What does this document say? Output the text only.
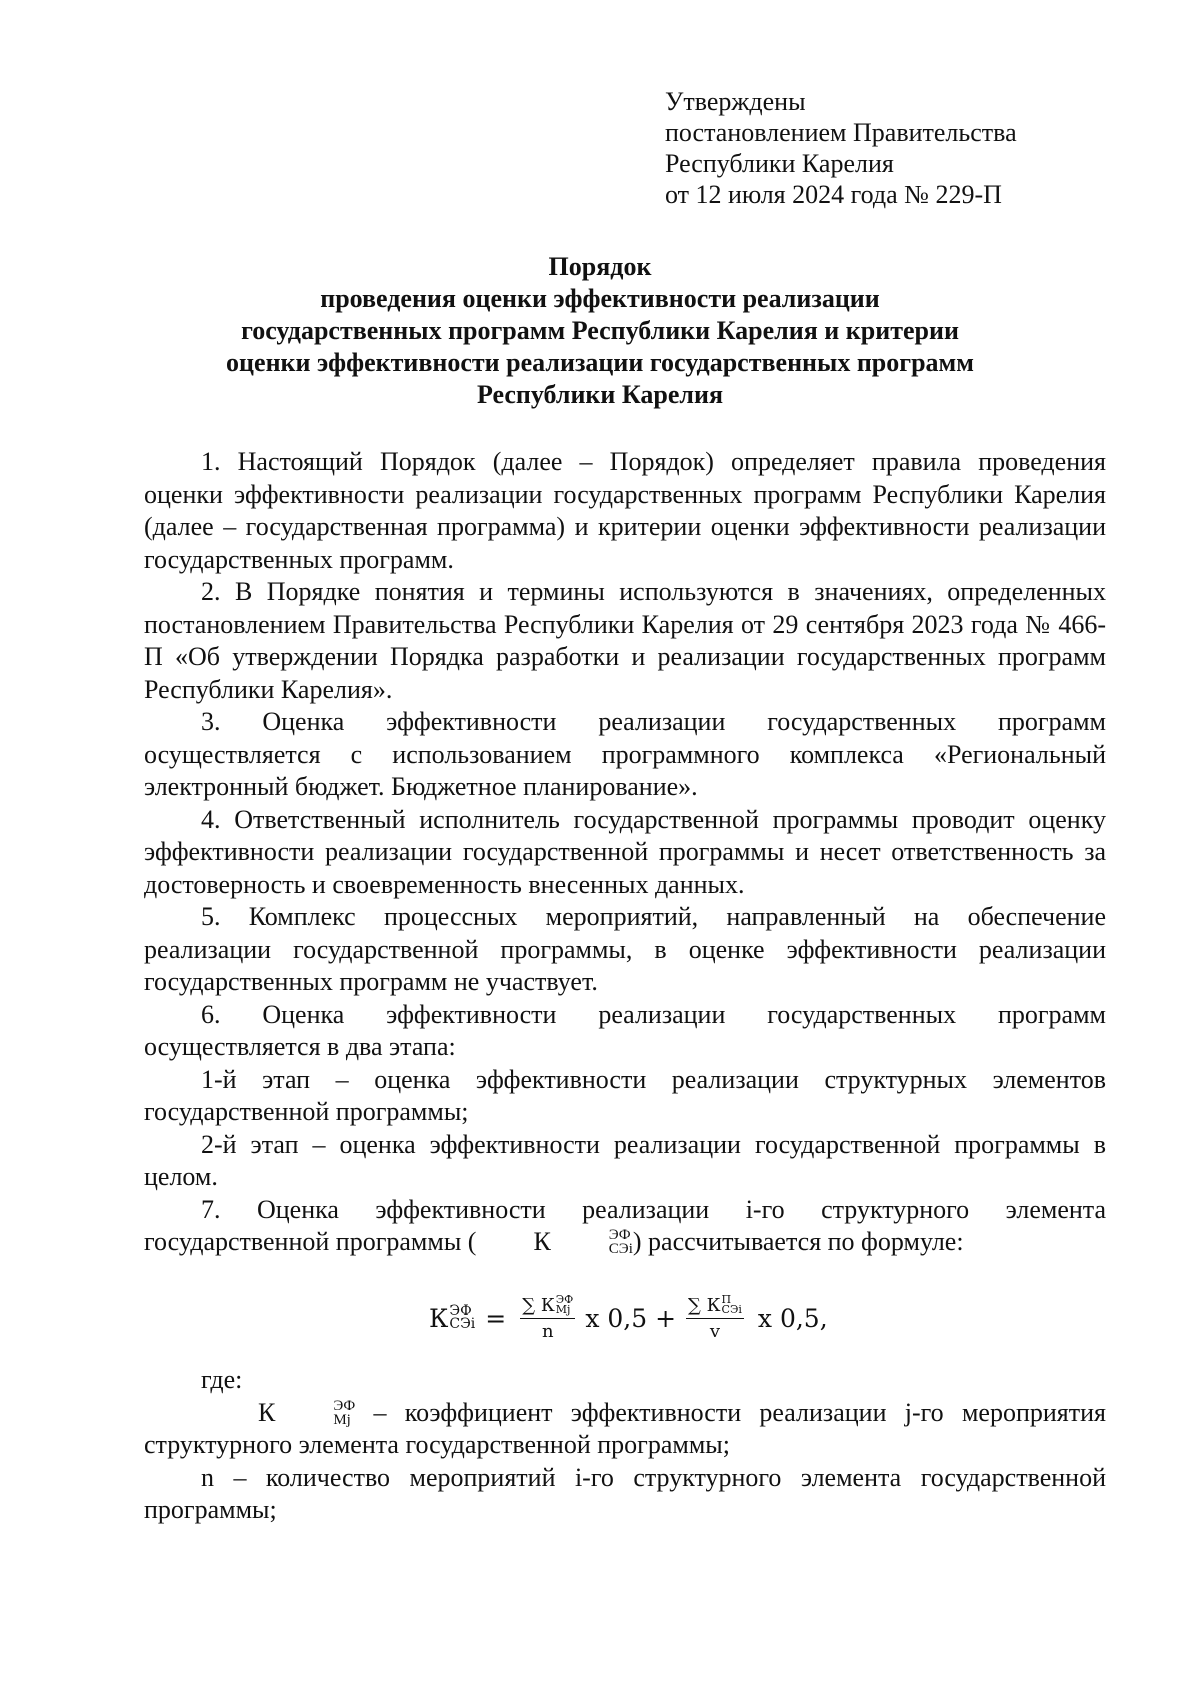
Утверждены
постановлением Правительства
Республики Карелия
от 12 июля 2024 года № 229-П
Порядок
проведения оценки эффективности реализации
государственных программ Республики Карелия и критерии
оценки эффективности реализации государственных программ
Республики Карелия

1. Настоящий Порядок (далее – Порядок) определяет правила проведения оценки эффективности реализации государственных программ Республики Карелия (далее – государственная программа) и критерии оценки эффективности реализации государственных программ.

2. В Порядке понятия и термины используются в значениях, определенных постановлением Правительства Республики Карелия от 29 сентября 2023 года № 466-П «Об утверждении Порядка разработки и реализации государственных программ Республики Карелия».

3. Оценка эффективности реализации государственных программ осуществляется с использованием программного комплекса «Региональный электронный бюджет. Бюджетное планирование».

4. Ответственный исполнитель государственной программы проводит оценку эффективности реализации государственной программы и несет ответственность за достоверность и своевременность внесенных данных.

5. Комплекс процессных мероприятий, направленный на обеспечение реализации государственной программы, в оценке эффективности реализации государственных программ не участвует.

6. Оценка эффективности реализации государственных программ осуществляется в два этапа:

1-й этап – оценка эффективности реализации структурных элементов государственной программы;

2-й этап – оценка эффективности реализации государственной программы в целом.

7. Оценка эффективности реализации i-го структурного элемента государственной программы (	К	ЭФ
СЭi ) рассчитывается по формуле:

К ЭФ
СЭi = ∑
К ЭФ
Mj
n x 0,5 + ∑
К П
СЭi
v x 0,5,

где:

К	ЭФ
Mj – коэффициент эффективности реализации j-го мероприятия структурного элемента государственной программы;

n – количество мероприятий i-го структурного элемента государственной программы;
